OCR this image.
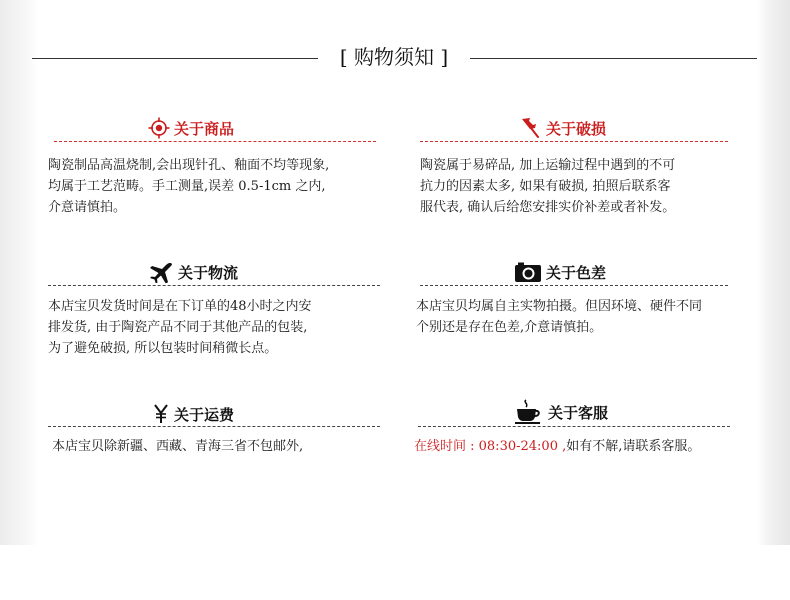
[ 购物须知 ]
关于商品
陶瓷制品高温烧制,会出现针孔、釉面不均等现象,
均属于工艺范畴。手工测量,误差 0.5-1cm 之内,
介意请慎拍。
关于破损
陶瓷属于易碎品, 加上运输过程中遇到的不可
抗力的因素太多, 如果有破损, 拍照后联系客
服代表, 确认后给您安排实价补差或者补发。
关于物流
本店宝贝发货时间是在下订单的48小时之内安
排发货, 由于陶瓷产品不同于其他产品的包装,
为了避免破损, 所以包装时间稍微长点。
关于色差
本店宝贝均属自主实物拍摄。但因环境、硬件不同
个别还是存在色差,介意请慎拍。
关于运费
本店宝贝除新疆、西藏、青海三省不包邮外,
关于客服
在线时间 : 08:30-24:00 ,如有不解,请联系客服。
